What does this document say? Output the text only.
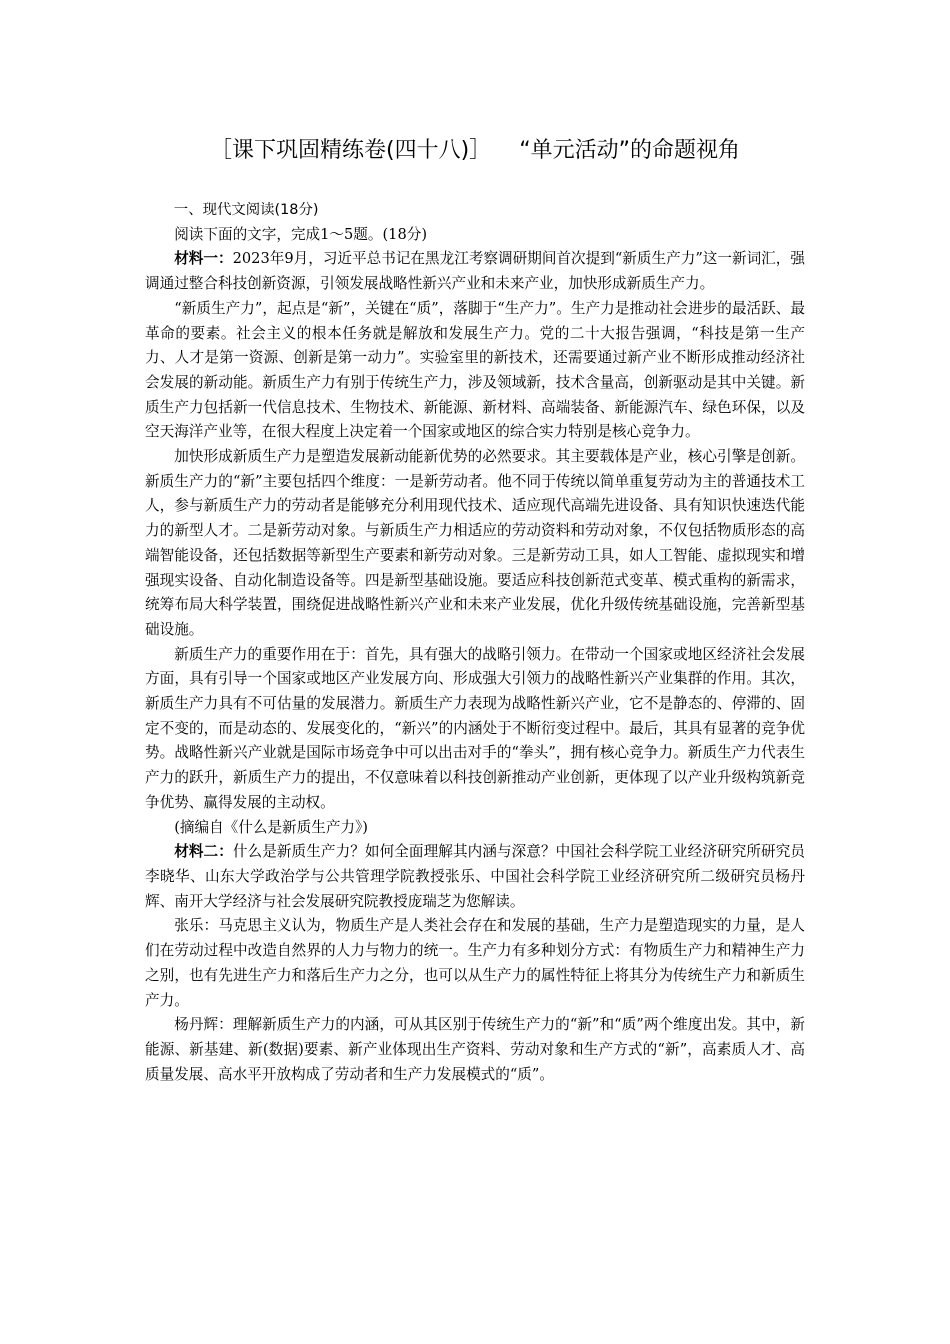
［课下巩固精练卷(四十八)］ “单元活动”的命题视角

一、现代文阅读(18分)

阅读下面的文字，完成1～5题。(18分)

材料一：2023年9月，习近平总书记在黑龙江考察调研期间首次提到“新质生产力”这一新词汇，强调通过整合科技创新资源，引领发展战略性新兴产业和未来产业，加快形成新质生产力。

“新质生产力”，起点是“新”，关键在“质”，落脚于“生产力”。生产力是推动社会进步的最活跃、最革命的要素。社会主义的根本任务就是解放和发展生产力。党的二十大报告强调，“科技是第一生产力、人才是第一资源、创新是第一动力”。实验室里的新技术，还需要通过新产业不断形成推动经济社会发展的新动能。新质生产力有别于传统生产力，涉及领域新，技术含量高，创新驱动是其中关键。新质生产力包括新一代信息技术、生物技术、新能源、新材料、高端装备、新能源汽车、绿色环保，以及空天海洋产业等，在很大程度上决定着一个国家或地区的综合实力特别是核心竞争力。

加快形成新质生产力是塑造发展新动能新优势的必然要求。其主要载体是产业，核心引擎是创新。新质生产力的“新”主要包括四个维度：一是新劳动者。他不同于传统以简单重复劳动为主的普通技术工人，参与新质生产力的劳动者是能够充分利用现代技术、适应现代高端先进设备、具有知识快速迭代能力的新型人才。二是新劳动对象。与新质生产力相适应的劳动资料和劳动对象，不仅包括物质形态的高端智能设备，还包括数据等新型生产要素和新劳动对象。三是新劳动工具，如人工智能、虚拟现实和增强现实设备、自动化制造设备等。四是新型基础设施。要适应科技创新范式变革、模式重构的新需求，统筹布局大科学装置，围绕促进战略性新兴产业和未来产业发展，优化升级传统基础设施，完善新型基础设施。

新质生产力的重要作用在于：首先，具有强大的战略引领力。在带动一个国家或地区经济社会发展方面，具有引导一个国家或地区产业发展方向、形成强大引领力的战略性新兴产业集群的作用。其次，新质生产力具有不可估量的发展潜力。新质生产力表现为战略性新兴产业，它不是静态的、停滞的、固定不变的，而是动态的、发展变化的，“新兴”的内涵处于不断衍变过程中。最后，其具有显著的竞争优势。战略性新兴产业就是国际市场竞争中可以出击对手的“拳头”，拥有核心竞争力。新质生产力代表生产力的跃升，新质生产力的提出，不仅意味着以科技创新推动产业创新，更体现了以产业升级构筑新竞争优势、赢得发展的主动权。

(摘编自《什么是新质生产力》)

材料二：什么是新质生产力？如何全面理解其内涵与深意？中国社会科学院工业经济研究所研究员李晓华、山东大学政治学与公共管理学院教授张乐、中国社会科学院工业经济研究所二级研究员杨丹辉、南开大学经济与社会发展研究院教授庞瑞芝为您解读。

张乐：马克思主义认为，物质生产是人类社会存在和发展的基础，生产力是塑造现实的力量，是人们在劳动过程中改造自然界的人力与物力的统一。生产力有多种划分方式：有物质生产力和精神生产力之别，也有先进生产力和落后生产力之分，也可以从生产力的属性特征上将其分为传统生产力和新质生产力。

杨丹辉：理解新质生产力的内涵，可从其区别于传统生产力的“新”和“质”两个维度出发。其中，新能源、新基建、新(数据)要素、新产业体现出生产资料、劳动对象和生产方式的“新”，高素质人才、高质量发展、高水平开放构成了劳动者和生产力发展模式的“质”。
